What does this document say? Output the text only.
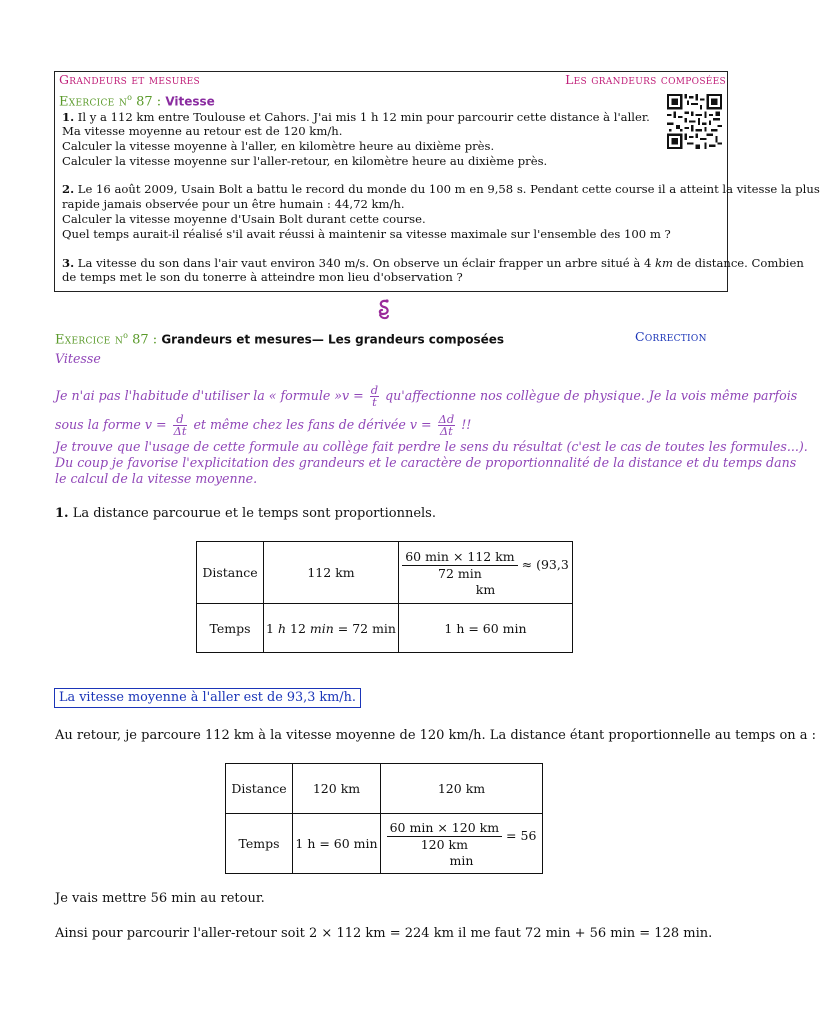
Grandeurs et mesures	Les grandeurs composées
Exercice $n^o$ 87 : Vitesse
1. Il y a 112 km entre Toulouse et Cahors. J'ai mis 1 h 12 min pour parcourir cette distance à l'aller.
Ma vitesse moyenne au retour est de 120 km/h.
Calculer la vitesse moyenne à l'aller, en kilomètre heure au dixième près.
Calculer la vitesse moyenne sur l'aller-retour, en kilomètre heure au dixième près.
2. Le 16 août 2009, Usain Bolt a battu le record du monde du 100 m en 9,58 s. Pendant cette course il a atteint la vitesse la plus
rapide jamais observée pour un être humain : 44,72 km/h.
Calculer la vitesse moyenne d'Usain Bolt durant cette course.
Quel temps aurait-il réalisé s'il avait réussi à maintenir sa vitesse maximale sur l'ensemble des 100 m ?
3. La vitesse du son dans l'air vaut environ 340 m/s. On observe un éclair frapper un arbre situé à 4 km de distance. Combien
de temps met le son du tonerre à atteindre mon lieu d'observation ?
Exercice $n^o$ 87 : Grandeurs et mesures— Les grandeurs composées	Correction
Vitesse
Je n'ai pas l'habitude d'utiliser la « formule »v = $\frac{d}{t}$ qu'affectionne nos collègue de physique. Je la vois même parfois
sous la forme $v = \frac{d}{\Delta t}$ et même chez les fans de dérivée $v = \frac{\Delta d}{\Delta t}$ !!
Je trouve que l'usage de cette formule au collège fait perdre le sens du résultat (c'est le cas de toutes les formules...).
Du coup je favorise l'explicitation des grandeurs et le caractère de proportionnalité de la distance et du temps dans
le calcul de la vitesse moyenne.
1. La distance parcourue et le temps sont proportionnels.
Distance	112 km	$\frac{60 \min \times 112 km}{72 \min} \approx (93,3$ km
Temps	1 h 12 min = 72 min	1 h = 60 min
La vitesse moyenne à l'aller est de 93,3 km/h.
Au retour, je parcoure 112 km à la vitesse moyenne de 120 km/h. La distance étant proportionnelle au temps on a :
Distance	120 km	120 km
Temps	1 h = 60 min	$\frac{60 \min \times 120 km}{120 km} = 56$ min
Je vais mettre 56 min au retour.
Ainsi pour parcourir l'aller-retour soit 2 × 112 km = 224 km il me faut 72 min + 56 min = 128 min.
